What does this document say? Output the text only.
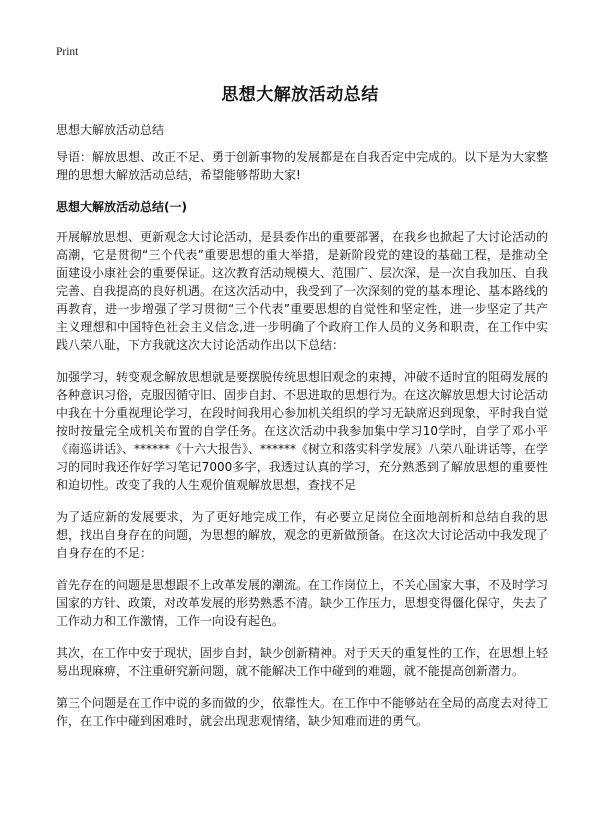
Print
思想大解放活动总结
思想大解放活动总结

导语：解放思想、改正不足、勇于创新事物的发展都是在自我否定中完成的。以下是为大家整理的思想大解放活动总结，希望能够帮助大家!

思想大解放活动总结(一)

开展解放思想、更新观念大讨论活动，是县委作出的重要部署，在我乡也掀起了大讨论活动的高潮，它是贯彻“三个代表”重要思想的重大举措，是新阶段党的建设的基础工程，是推动全面建设小康社会的重要保证。这次教育活动规模大、范围广、层次深，是一次自我加压、自我完善、自我提高的良好机遇。在这次活动中，我受到了一次深刻的党的基本理论、基本路线的再教育，进一步增强了学习贯彻“三个代表”重要思想的自觉性和坚定性，进一步坚定了共产主义理想和中国特色社会主义信念,进一步明确了个政府工作人员的义务和职责，在工作中实践八荣八耻，下方我就这次大讨论活动作出以下总结：

加强学习，转变观念解放思想就是要摆脱传统思想旧观念的束搏，冲破不适时宜的阻碍发展的各种意识习俗，克服因循守旧、固步自封、不思进取的思想行为。在这次解放思想大讨论活动中我在十分重视理论学习，在段时间我用心参加机关组织的学习无缺席迟到现象，平时我自觉按时按量完全成机关布置的自学任务。在这次活动中我参加集中学习10学时，自学了邓小平《南巡讲话》、******《十六大报告》、******《树立和落实科学发展》八荣八耻讲话等，在学习的同时我还作好学习笔记7000多字，我透过认真的学习，充分熟悉到了解放思想的重要性和迫切性。改变了我的人生观价值观解放思想，查找不足

为了适应新的发展要求，为了更好地完成工作，有必要立足岗位全面地剖析和总结自我的思想，找出自身存在的问题，为思想的解放，观念的更新做预备。在这次大讨论活动中我发现了自身存在的不足：

首先存在的问题是思想跟不上改革发展的潮流。在工作岗位上，不关心国家大事，不及时学习国家的方针、政策，对改革发展的形势熟悉不清。缺少工作压力，思想变得僵化保守，失去了工作动力和工作激情，工作一向设有起色。

其次，在工作中安于现状，固步自封，缺少创新精神。对于天天的重复性的工作，在思想上轻易出现麻痹，不注重研究新问题，就不能解决工作中碰到的难题，就不能提高创新潜力。

第三个问题是在工作中说的多而做的少，依靠性大。在工作中不能够站在全局的高度去对待工作，在工作中碰到困难时，就会出现悲观情绪，缺少知难而进的勇气。
